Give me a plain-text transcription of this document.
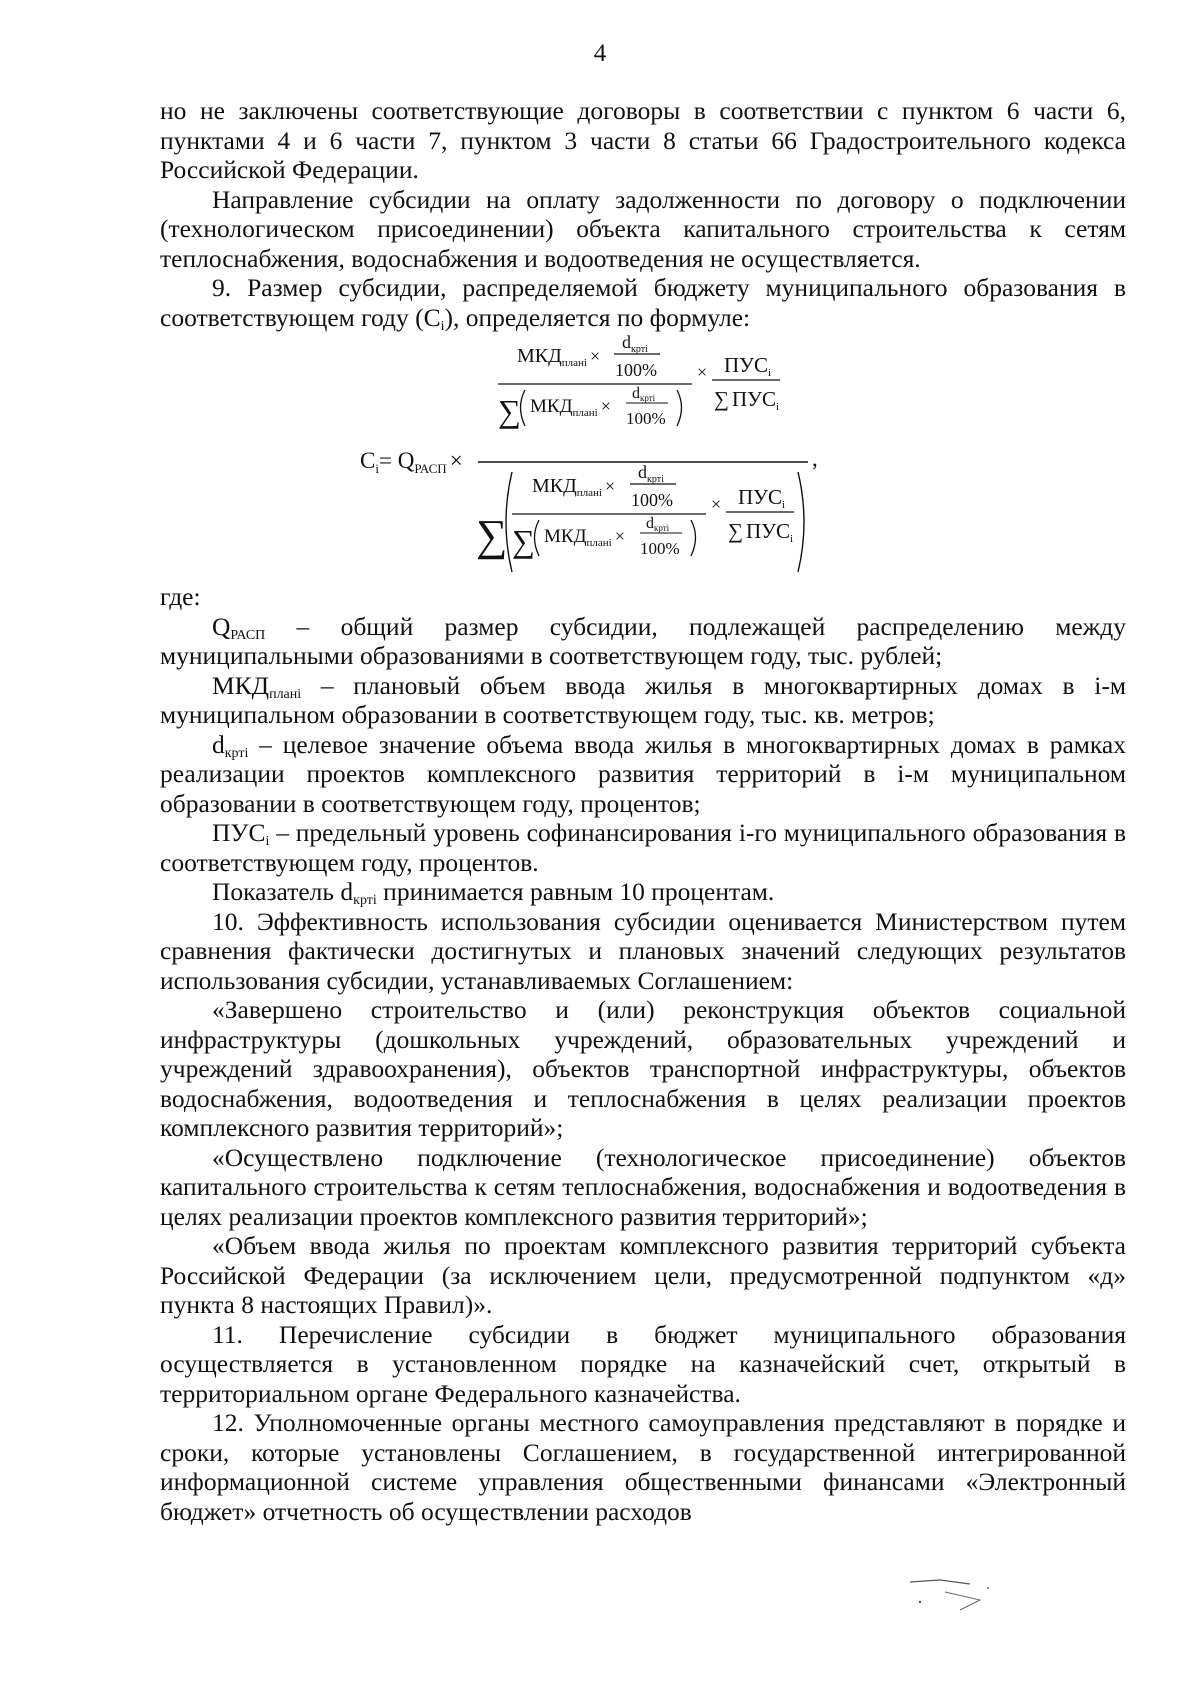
4

но не заключены соответствующие договоры в соответствии с пунктом 6 части 6, пунктами 4 и 6 части 7, пунктом 3 части 8 статьи 66 Градостроительного кодекса Российской Федерации.

Направление субсидии на оплату задолженности по договору о подключении (технологическом присоединении) объекта капитального строительства к сетям теплоснабжения, водоснабжения и водоотведения не осуществляется.

9. Размер субсидии, распределяемой бюджету муниципального образования в соответствующем году $(C_i)$, определяется по формуле:

$C_i= Q_{РАСП}$ ×
$МКД_{планi}$ ×
$d_{кртi}$
100%
∑ $МКД_{планi}$ ×
dкртi
100%
× ПУСi
∑ ПУСi
∑
$МКД_{планi}$ ×
$d_{кртi}$
100%
∑ $МКД_{планi}$ ×
dкртi
100%
× ПУСi
∑ ПУСi
,

где:

$Q_{РАСП}$ – общий размер субсидии, подлежащей распределению между муниципальными образованиями в соответствующем году, тыс. рублей;

$МКД_{планi}$ – плановый объем ввода жилья в многоквартирных домах в i-м муниципальном образовании в соответствующем году, тыс. кв. метров;

$d_{кртi}$ – целевое значение объема ввода жилья в многоквартирных домах в рамках реализации проектов комплексного развития территорий в i-м муниципальном образовании в соответствующем году, процентов;

$ПУС_i$ – предельный уровень софинансирования i-го муниципального образования в соответствующем году, процентов.

Показатель $d_{кртi}$ принимается равным 10 процентам.

10. Эффективность использования субсидии оценивается Министерством путем сравнения фактически достигнутых и плановых значений следующих результатов использования субсидии, устанавливаемых Соглашением:

«Завершено строительство и (или) реконструкция объектов социальной инфраструктуры (дошкольных учреждений, образовательных учреждений и учреждений здравоохранения), объектов транспортной инфраструктуры, объектов водоснабжения, водоотведения и теплоснабжения в целях реализации проектов комплексного развития территорий»;

«Осуществлено подключение (технологическое присоединение) объектов капитального строительства к сетям теплоснабжения, водоснабжения и водоотведения в целях реализации проектов комплексного развития территорий»;

«Объем ввода жилья по проектам комплексного развития территорий субъекта Российской Федерации (за исключением цели, предусмотренной подпунктом «д» пункта 8 настоящих Правил)».

11. Перечисление субсидии в бюджет муниципального образования осуществляется в установленном порядке на казначейский счет, открытый в территориальном органе Федерального казначейства.

12. Уполномоченные органы местного самоуправления представляют в порядке и сроки, которые установлены Соглашением, в государственной интегрированной информационной системе управления общественными финансами «Электронный бюджет» отчетность об осуществлении расходов
